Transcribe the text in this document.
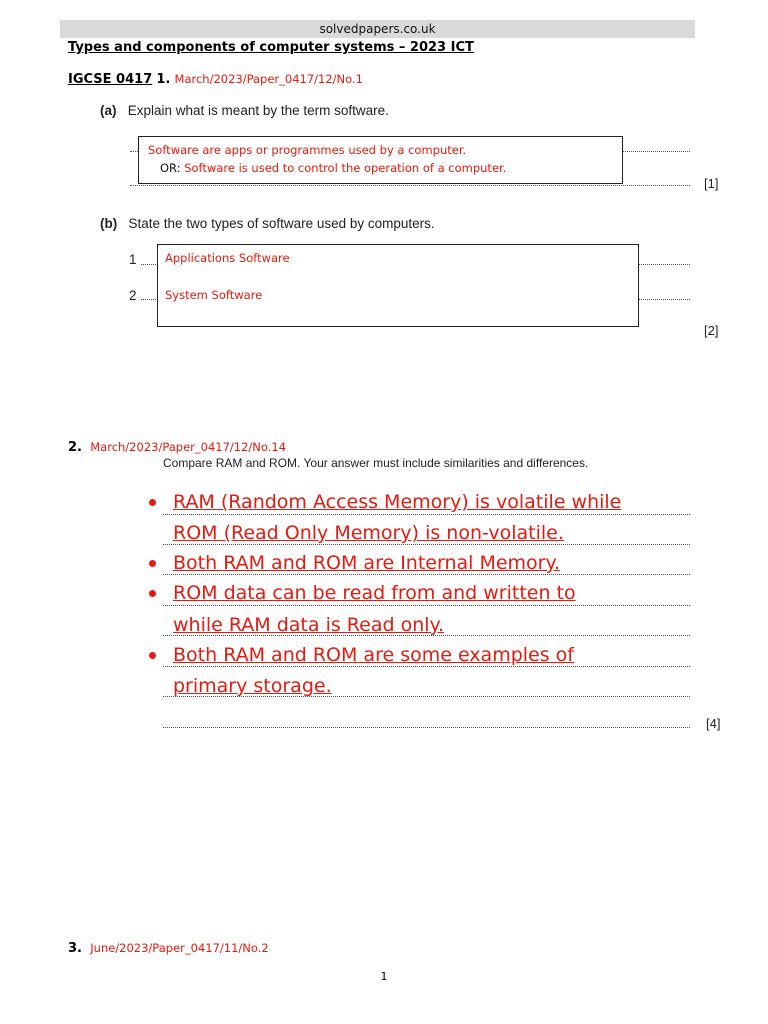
solvedpapers.co.uk
Types and components of computer systems – 2023 ICT
IGCSE 0417 1. March/2023/Paper_0417/12/No.1
(a) Explain what is meant by the term software.
Software are apps or programmes used by a computer.
OR: Software is used to control the operation of a computer.
[1]
(b) State the two types of software used by computers.
1
2
Applications Software
System Software
[2]
2. March/2023/Paper_0417/12/No.14
Compare RAM and ROM. Your answer must include similarities and differences.
RAM (Random Access Memory) is volatile while
ROM (Read Only Memory) is non-volatile.
Both RAM and ROM are Internal Memory.
ROM data can be read from and written to
while RAM data is Read only.
Both RAM and ROM are some examples of
primary storage.
[4]
3. June/2023/Paper_0417/11/No.2
1
